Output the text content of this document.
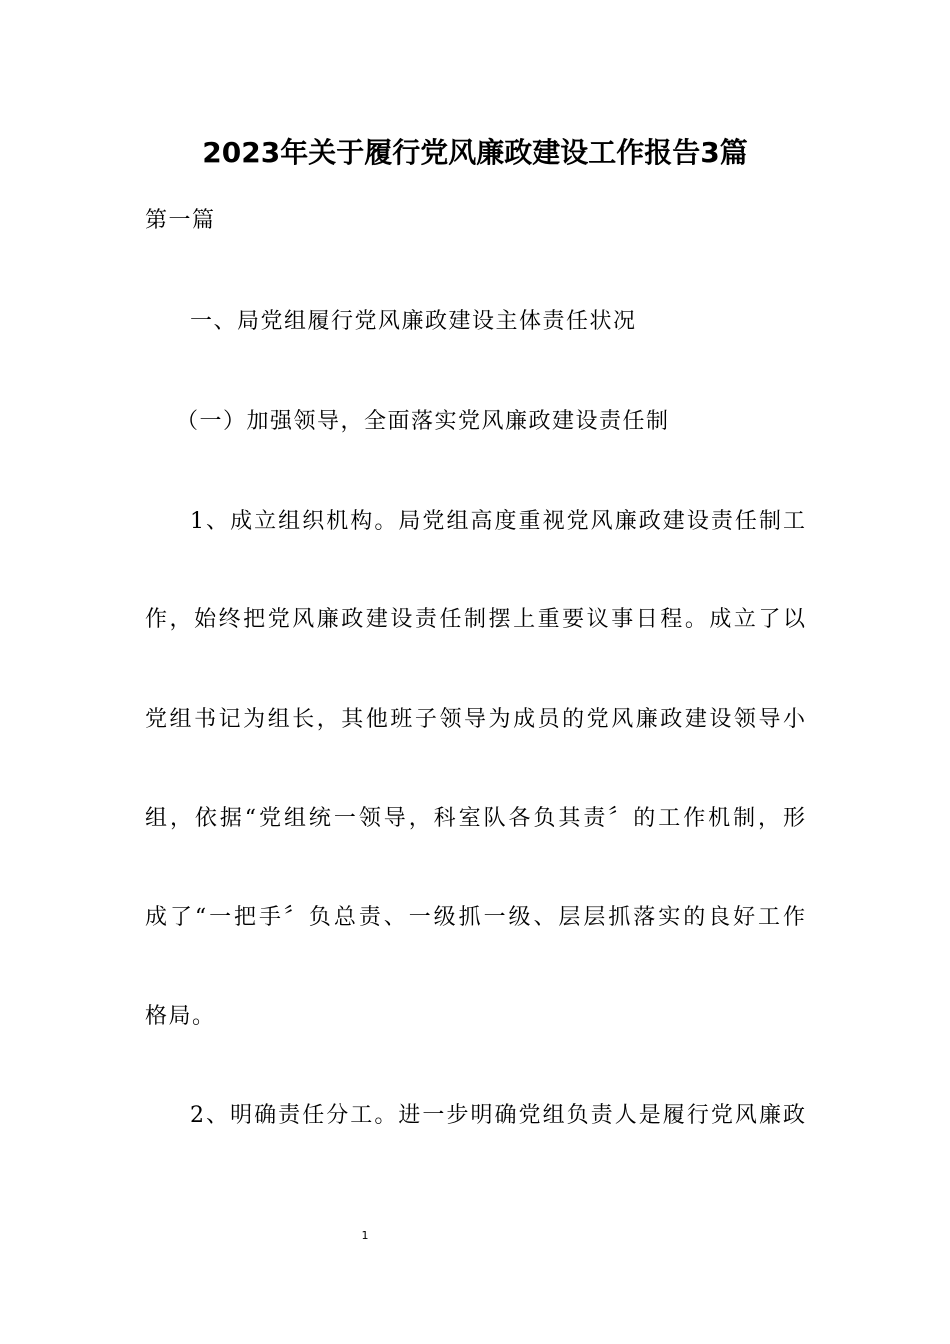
2023年关于履行党风廉政建设工作报告3篇
第一篇
一、局党组履行党风廉政建设主体责任状况
（一）加强领导，全面落实党风廉政建设责任制
1、成立组织机构。局党组高度重视党风廉政建设责任制工
作，始终把党风廉政建设责任制摆上重要议事日程。成立了以
党组书记为组长，其他班子领导为成员的党风廉政建设领导小
组，依据“党组统一领导，科室队各负其责〞的工作机制，形
成了“一把手〞负总责、一级抓一级、层层抓落实的良好工作
格局。
2、明确责任分工。进一步明确党组负责人是履行党风廉政
1
